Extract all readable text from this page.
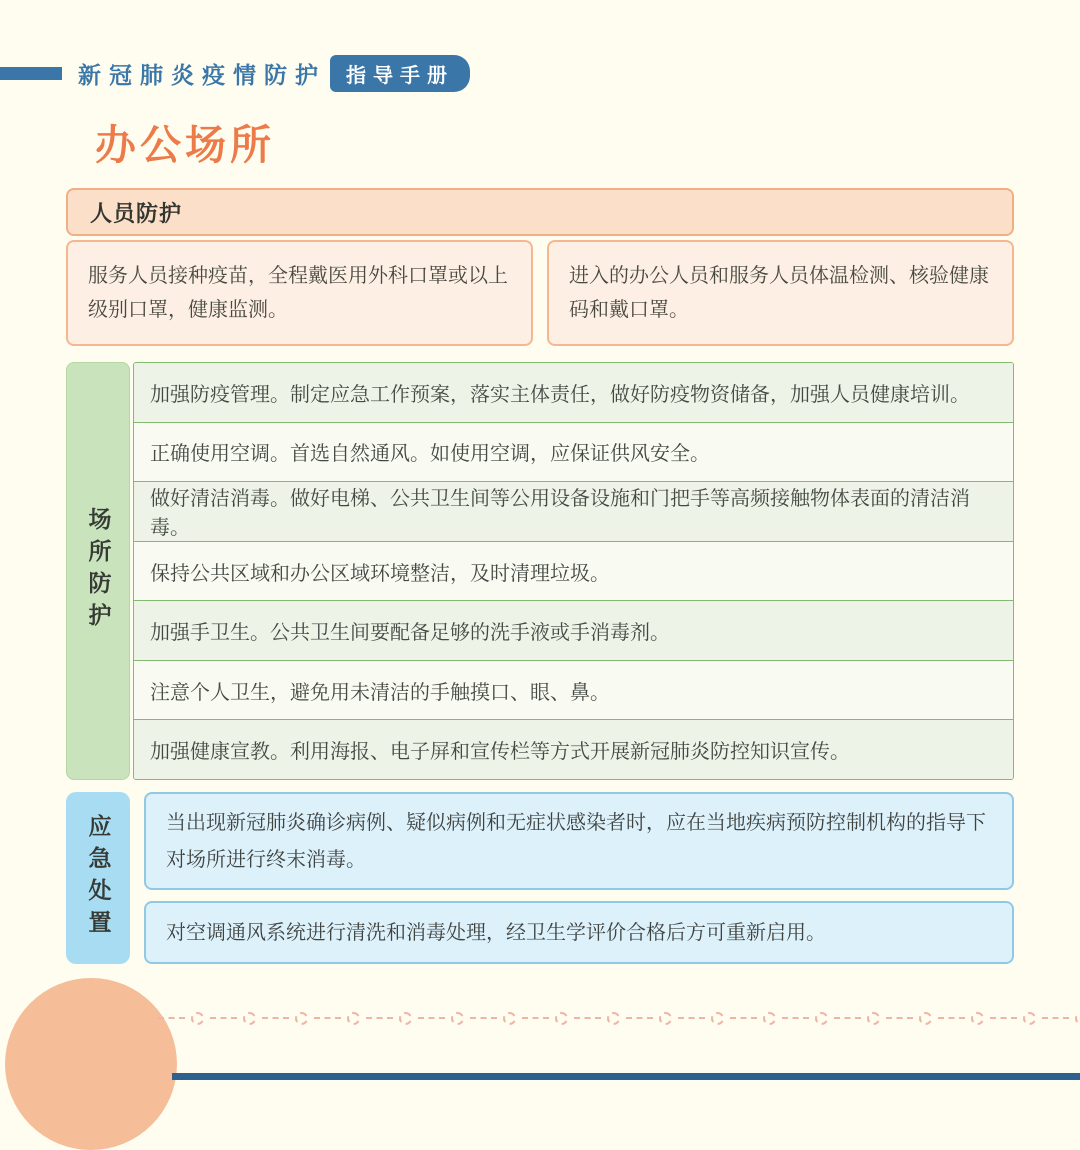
新冠肺炎疫情防护	指导手册
办公场所
人员防护
服务人员接种疫苗，全程戴医用外科口罩或以上级别口罩，健康监测。
进入的办公人员和服务人员体温检测、核验健康码和戴口罩。
场所防护
加强防疫管理。制定应急工作预案，落实主体责任，做好防疫物资储备，加强人员健康培训。
正确使用空调。首选自然通风。如使用空调，应保证供风安全。
做好清洁消毒。做好电梯、公共卫生间等公用设备设施和门把手等高频接触物体表面的清洁消毒。
保持公共区域和办公区域环境整洁，及时清理垃圾。
加强手卫生。公共卫生间要配备足够的洗手液或手消毒剂。
注意个人卫生，避免用未清洁的手触摸口、眼、鼻。
加强健康宣教。利用海报、电子屏和宣传栏等方式开展新冠肺炎防控知识宣传。
应急处置	当出现新冠肺炎确诊病例、疑似病例和无症状感染者时，应在当地疾病预防控制机构的指导下对场所进行终末消毒。
对空调通风系统进行清洗和消毒处理，经卫生学评价合格后方可重新启用。
